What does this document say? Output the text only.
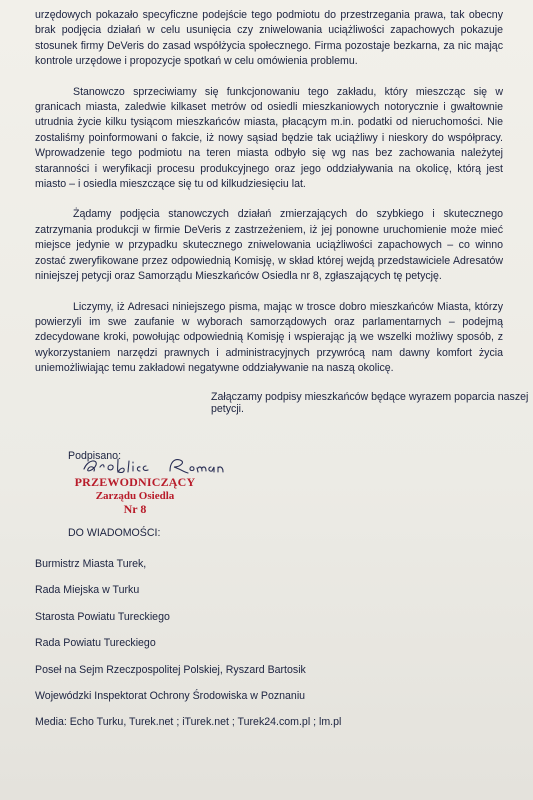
urzędowych pokazało specyficzne podejście tego podmiotu do przestrzegania prawa, tak obecny brak podjęcia działań w celu usunięcia czy zniwelowania uciążliwości zapachowych pokazuje stosunek firmy DeVeris do zasad współżycia społecznego. Firma pozostaje bezkarna, za nic mając kontrole urzędowe i propozycje spotkań w celu omówienia problemu.

Stanowczo sprzeciwiamy się funkcjonowaniu tego zakładu, który mieszcząc się w granicach miasta, zaledwie kilkaset metrów od osiedli mieszkaniowych notorycznie i gwałtownie utrudnia życie kilku tysiącom mieszkańców miasta, płacącym m.in. podatki od nieruchomości. Nie zostaliśmy poinformowani o fakcie, iż nowy sąsiad będzie tak uciążliwy i nieskory do współpracy. Wprowadzenie tego podmiotu na teren miasta odbyło się wg nas bez zachowania należytej staranności i weryfikacji procesu produkcyjnego oraz jego oddziaływania na okolicę, którą jest miasto – i osiedla mieszczące się tu od kilkudziesięciu lat.

Żądamy podjęcia stanowczych działań zmierzających do szybkiego i skutecznego zatrzymania produkcji w firmie DeVeris z zastrzeżeniem, iż jej ponowne uruchomienie może mieć miejsce jedynie w przypadku skutecznego zniwelowania uciążliwości zapachowych – co winno zostać zweryfikowane przez odpowiednią Komisję, w skład której wejdą przedstawiciele Adresatów niniejszej petycji oraz Samorządu Mieszkańców Osiedla nr 8, zgłaszających tę petycję.

Liczymy, iż Adresaci niniejszego pisma, mając w trosce dobro mieszkańców Miasta, którzy powierzyli im swe zaufanie w wyborach samorządowych oraz parlamentarnych – podejmą zdecydowane kroki, powołując odpowiednią Komisję i wspierając ją we wszelki możliwy sposób, z wykorzystaniem narzędzi prawnych i administracyjnych przywrócą nam dawny komfort życia uniemożliwiając temu zakładowi negatywne oddziaływanie na naszą okolicę.

Załączamy podpisy mieszkańców będące wyrazem poparcia naszej petycji.
Podpisano:
PRZEWODNICZĄCY
Zarządu Osiedla
Nr 8
DO WIADOMOŚCI:
Burmistrz Miasta Turek,
Rada Miejska w Turku
Starosta Powiatu Tureckiego
Rada Powiatu Tureckiego
Poseł na Sejm Rzeczpospolitej Polskiej, Ryszard Bartosik
Wojewódzki Inspektorat Ochrony Środowiska w Poznaniu
Media: Echo Turku, Turek.net ; iTurek.net ; Turek24.com.pl ; lm.pl
